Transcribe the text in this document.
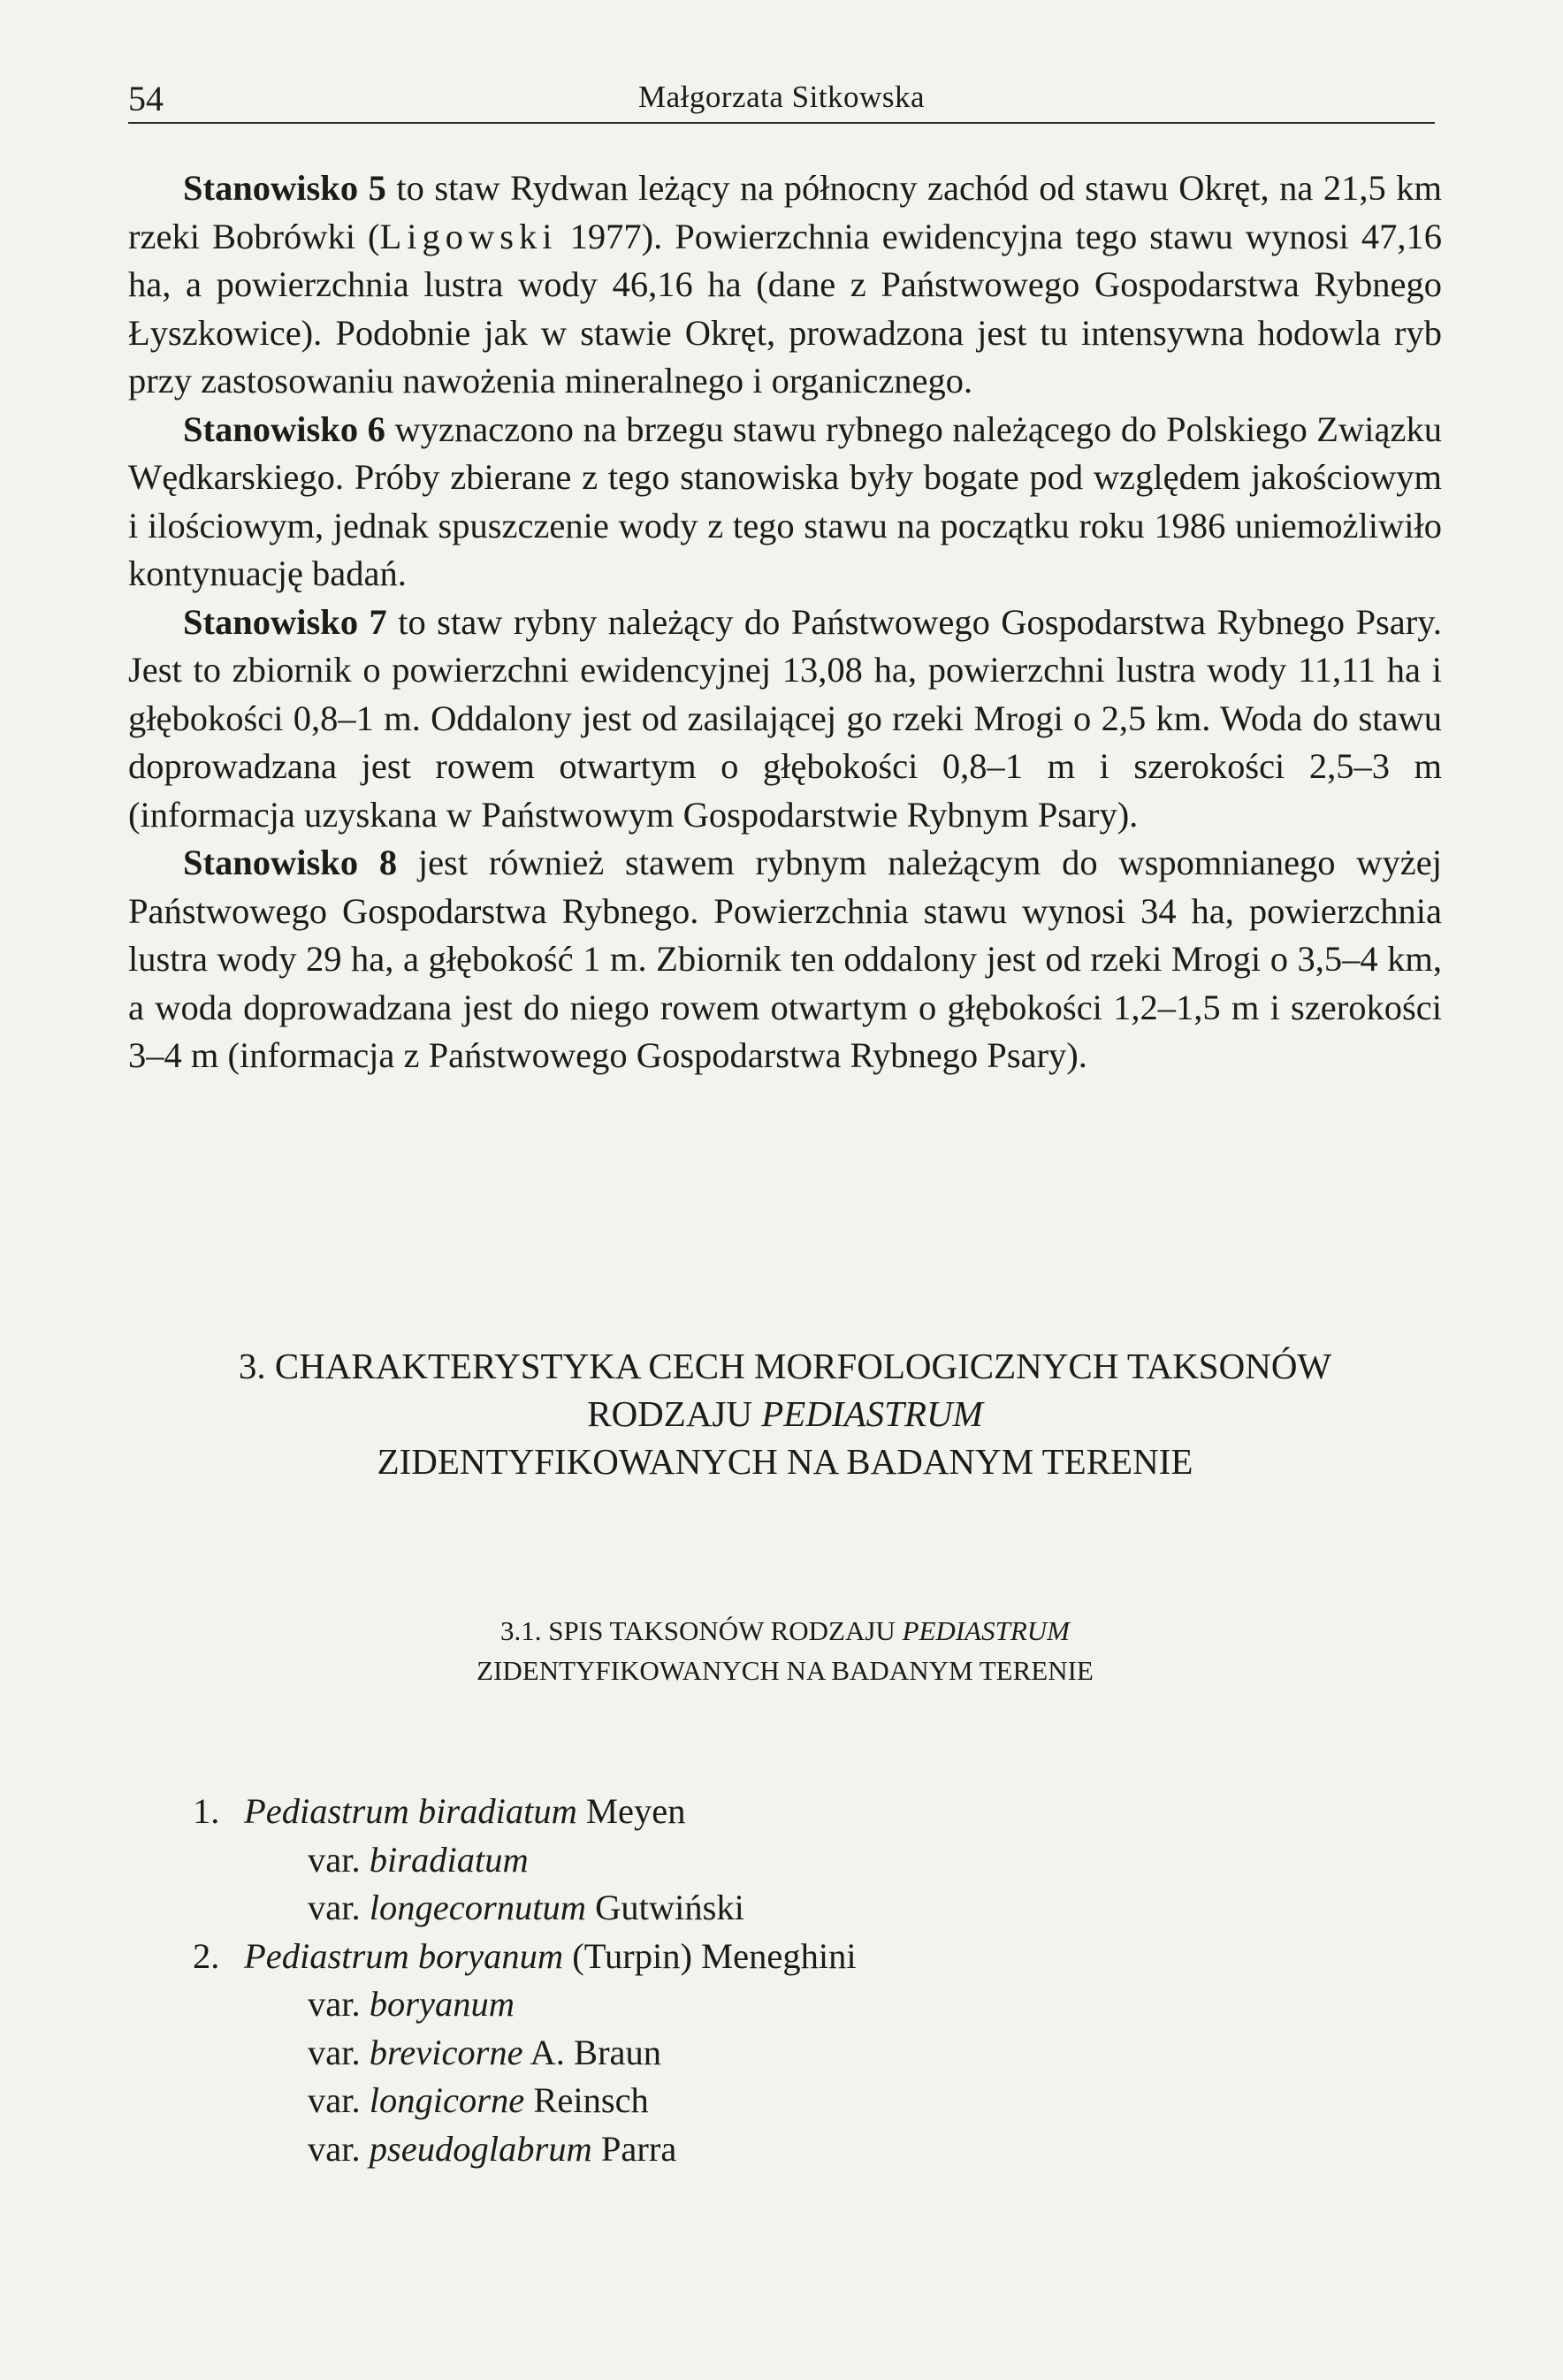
54	Małgorzata Sitkowska

Stanowisko 5 to staw Rydwan leżący na północny zachód od stawu Okręt, na 21,5 km rzeki Bobrówki (Ligowski 1977). Powierzchnia ewidencyjna tego stawu wynosi 47,16 ha, a powierzchnia lustra wody 46,16 ha (dane z Państwowego Gospodarstwa Rybnego Łyszkowice). Podobnie jak w stawie Okręt, prowadzona jest tu intensywna hodowla ryb przy zastosowaniu nawożenia mineralnego i organicznego.

Stanowisko 6 wyznaczono na brzegu stawu rybnego należącego do Polskiego Związku Wędkarskiego. Próby zbierane z tego stanowiska były bogate pod względem jakościowym i ilościowym, jednak spuszczenie wody z tego stawu na początku roku 1986 uniemożliwiło kontynuację badań.

Stanowisko 7 to staw rybny należący do Państwowego Gospodarstwa Rybnego Psary. Jest to zbiornik o powierzchni ewidencyjnej 13,08 ha, powierzchni lustra wody 11,11 ha i głębokości 0,8–1 m. Oddalony jest od zasilającej go rzeki Mrogi o 2,5 km. Woda do stawu doprowadzana jest rowem otwartym o głębokości 0,8–1 m i szerokości 2,5–3 m (informacja uzyskana w Państwowym Gospodarstwie Rybnym Psary).

Stanowisko 8 jest również stawem rybnym należącym do wspomnianego wyżej Państwowego Gospodarstwa Rybnego. Powierzchnia stawu wynosi 34 ha, powierzchnia lustra wody 29 ha, a głębokość 1 m. Zbiornik ten oddalony jest od rzeki Mrogi o 3,5–4 km, a woda doprowadzana jest do niego rowem otwartym o głębokości 1,2–1,5 m i szerokości 3–4 m (informacja z Państwowego Gospodarstwa Rybnego Psary).

3. CHARAKTERYSTYKA CECH MORFOLOGICZNYCH TAKSONÓW
RODZAJU PEDIASTRUM
ZIDENTYFIKOWANYCH NA BADANYM TERENIE
3.1. SPIS TAKSONÓW RODZAJU PEDIASTRUM
ZIDENTYFIKOWANYCH NA BADANYM TERENIE
1. Pediastrum biradiatum Meyen
var. biradiatum
var. longecornutum Gutwiński
2. Pediastrum boryanum (Turpin) Meneghini
var. boryanum
var. brevicorne A. Braun
var. longicorne Reinsch
var. pseudoglabrum Parra
